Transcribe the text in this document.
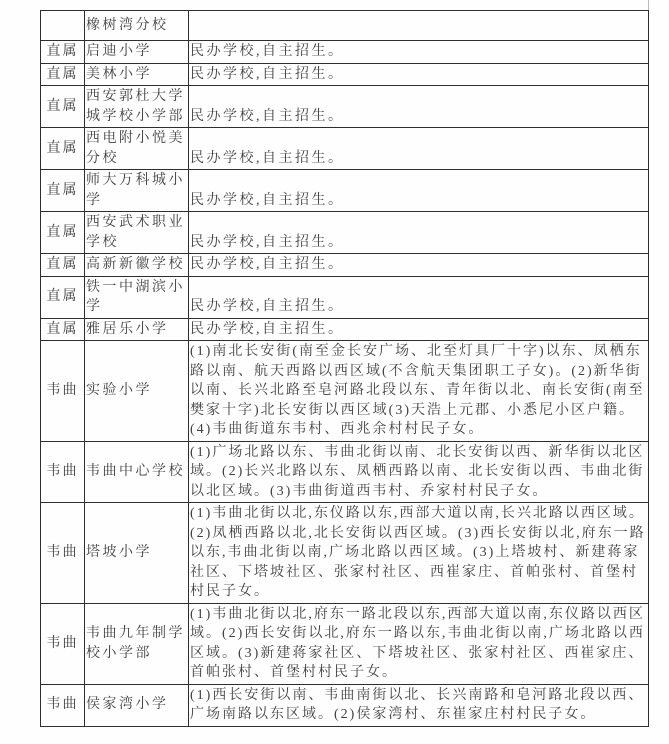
	橡树湾分校	
直属	启迪小学	民办学校,自主招生。
直属	美林小学	民办学校,自主招生。
直属	西安郭杜大学城学校小学部	民办学校,自主招生。
直属	西电附小悦美分校	民办学校,自主招生。
直属	师大万科城小学	民办学校,自主招生。
直属	西安武术职业学校	民办学校,自主招生。
直属	高新新徽学校	民办学校,自主招生。
直属	铁一中湖滨小学	民办学校,自主招生。
直属	雅居乐小学	民办学校,自主招生。
韦曲	实验小学	(1)南北长安街(南至金长安广场、北至灯具厂十字)以东、凤栖东路以南、航天西路以西区域(不含航天集团职工子女)。(2)新华街以南、长兴北路至皂河路北段以东、青年街以北、南长安街(南至樊家十字)北长安街以西区域(3)天浩上元郡、小悉尼小区户籍。(4)韦曲街道东韦村、西兆余村村民子女。
韦曲	韦曲中心学校	(1)广场北路以东、韦曲北街以南、北长安街以西、新华街以北区域。(2)长兴北路以东、凤栖西路以南、北长安街以西、韦曲北街以北区域。(3)韦曲街道西韦村、乔家村村民子女。
韦曲	塔坡小学	(1)韦曲北街以北,东仪路以东,西部大道以南,长兴北路以西区域。(2)凤栖西路以北,北长安街以西区域。(3)西长安街以北,府东一路以东,韦曲北街以南,广场北路以西区域。(3)上塔坡村、新建蒋家社区、下塔坡社区、张家村社区、西崔家庄、首帕张村、首堡村村民子女。
韦曲	韦曲九年制学校小学部	(1)韦曲北街以北,府东一路北段以东,西部大道以南,东仪路以西区域。(2)西长安街以北,府东一路以东,韦曲北街以南,广场北路以西区域。(3)新建蒋家社区、下塔坡社区、张家村社区、西崔家庄、首帕张村、首堡村村民子女。
韦曲	侯家湾小学	(1)西长安街以南、韦曲南街以北、长兴南路和皂河路北段以西、广场南路以东区域。(2)侯家湾村、东崔家庄村村民子女。
